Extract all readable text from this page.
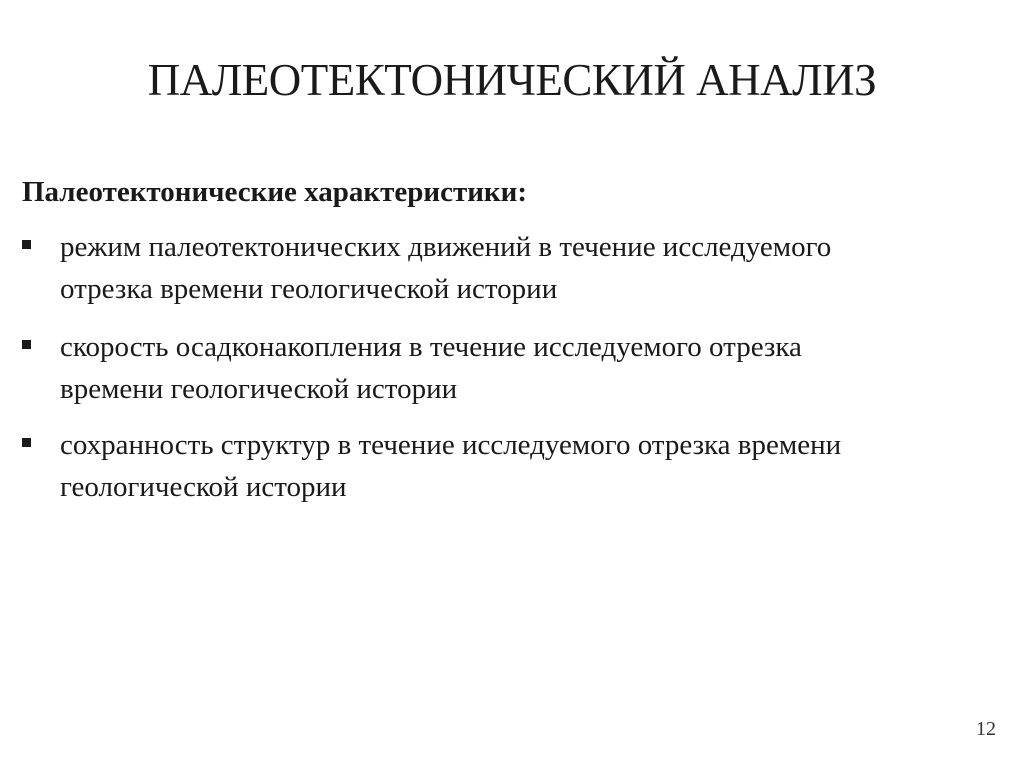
ПАЛЕОТЕКТОНИЧЕСКИЙ АНАЛИЗ
Палеотектонические характеристики:
режим палеотектонических движений в течение исследуемого
отрезка времени геологической истории
скорость осадконакопления в течение исследуемого отрезка
времени геологической истории
сохранность структур в течение исследуемого отрезка времени
геологической истории
12
